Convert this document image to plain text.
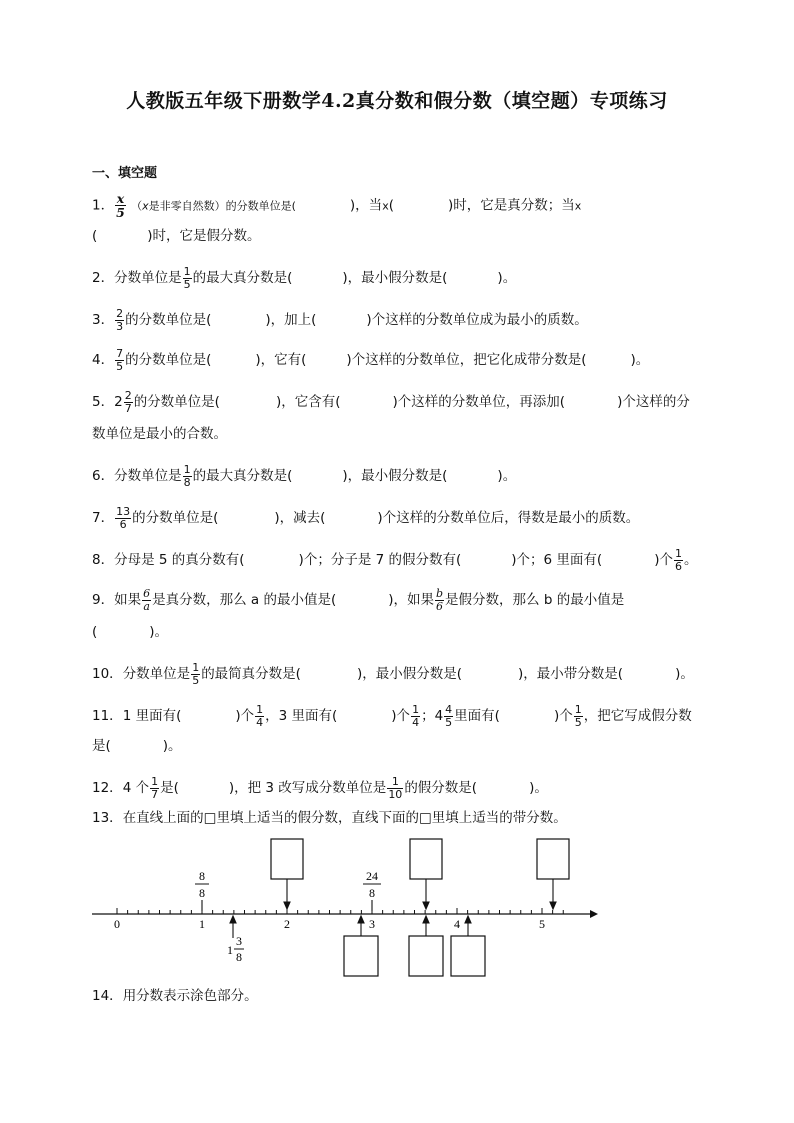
人教版五年级下册数学4.2真分数和假分数（填空题）专项练习
一、填空题
1． $\frac{x}{5} (x$是非零自然数）的分数单位是(	)，当x(	)时，它是真分数；当x
(	)时，它是假分数。
2．分数单位是 $\frac{1}{5}$ 的最大真分数是(	)，最小假分数是(	)。
3． $\frac{2}{3}$ 的分数单位是(	)，加上(	)个这样的分数单位成为最小的质数。
4． $\frac{7}{5}$ 的分数单位是(	)，它有(	)个这样的分数单位，把它化成带分数是(	)。
5．$2 \frac{2}{7}$ 的分数单位是(	)，它含有(	)个这样的分数单位，再添加(	)个这样的分
数单位是最小的合数。
6．分数单位是 $\frac{1}{8}$ 的最大真分数是(	)，最小假分数是(	)。
7． $\frac{13}{6}$ 的分数单位是(	)，减去(	)个这样的分数单位后，得数是最小的质数。
8．分母是 5 的真分数有(	)个；分子是 7 的假分数有(	)个；6 里面有(	)个 $\frac{1}{6}$ 。
9．如果 $\frac{6}{a}$ 是真分数，那么 a 的最小值是(	)，如果 $\frac{b}{6}$ 是假分数，那么 b 的最小值是
(	)。
10．分数单位是 $\frac{1}{5}$ 的最简真分数是(	)，最小假分数是(	)，最小带分数是(	)。
11．1 里面有(	)个 $\frac{1}{4}$ ，3 里面有(	)个 $\frac{1}{4}$ ；$4 \frac{4}{5}$ 里面有(	)个 $\frac{1}{5}$ ，把它写成假分数
是(	)。
12．4 个 $\frac{1}{7}$ 是(	)，把 3 改写成分数单位是 $\frac{1}{10}$ 的假分数是(	)。
13．在直线上面的□里填上适当的假分数，直线下面的□里填上适当的带分数。
0	1	2	3	4	5
8
8
24
8
1
3
8
14．用分数表示涂色部分。
